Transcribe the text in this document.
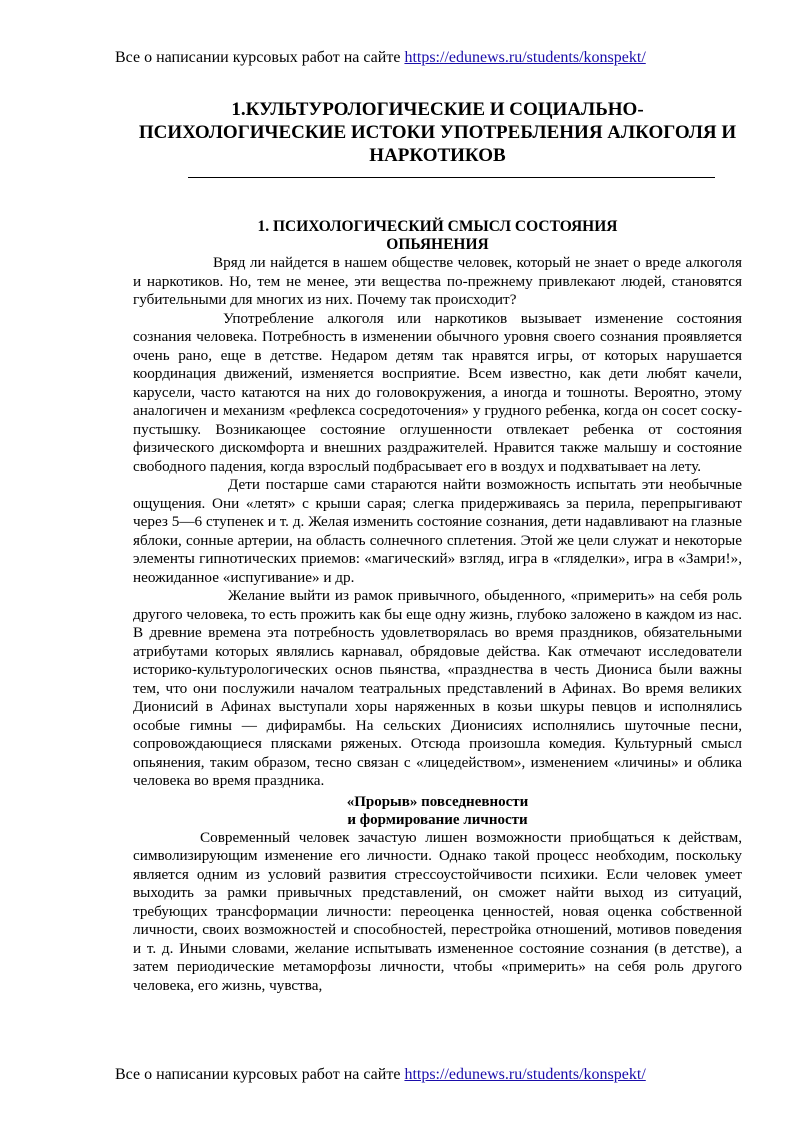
Все о написании курсовых работ на сайте https://edunews.ru/students/konspekt/
1.КУЛЬТУРОЛОГИЧЕСКИЕ И СОЦИАЛЬНО-ПСИХОЛОГИЧЕСКИЕ ИСТОКИ УПОТРЕБЛЕНИЯ АЛКОГОЛЯ И НАРКОТИКОВ
1. ПСИХОЛОГИЧЕСКИЙ СМЫСЛ СОСТОЯНИЯ
ОПЬЯНЕНИЯ

Вряд ли найдется в нашем обществе человек, который не знает о вреде алкоголя и наркотиков. Но, тем не менее, эти вещества по-прежнему привлекают людей, становятся губительными для многих из них. Почему так происходит?

Употребление алкоголя или наркотиков вызывает изменение состояния сознания человека. Потребность в изменении обычного уровня своего сознания проявляется очень рано, еще в детстве. Недаром детям так нравятся игры, от которых нарушается координация движений, изменяется восприятие. Всем известно, как дети любят качели, карусели, часто катаются на них до головокружения, а иногда и тошноты. Вероятно, этому аналогичен и механизм «рефлекса сосредоточения» у грудного ребенка, когда он сосет соску-пустышку. Возникающее состояние оглушенности отвлекает ребенка от состояния физического дискомфорта и внешних раздражителей. Нравится также малышу и состояние свободного падения, когда взрослый подбрасывает его в воздух и подхватывает на лету.

Дети постарше сами стараются найти возможность испытать эти необычные ощущения. Они «летят» с крыши сарая; слегка придерживаясь за перила, перепрыгивают через 5—6 ступенек и т. д. Желая изменить состояние сознания, дети надавливают на глазные яблоки, сонные артерии, на область солнечного сплетения. Этой же цели служат и некоторые элементы гипнотических приемов: «магический» взгляд, игра в «гляделки», игра в «Замри!», неожиданное «испугивание» и др.

Желание выйти из рамок привычного, обыденного, «примерить» на себя роль другого человека, то есть прожить как бы еще одну жизнь, глубоко заложено в каждом из нас. В древние времена эта потребность удовлетворялась во время праздников, обязательными атрибутами которых являлись карнавал, обрядовые действа. Как отмечают исследователи историко-культурологических основ пьянства, «празднества в честь Диониса были важны тем, что они послужили началом театральных представлений в Афинах. Во время великих Дионисий в Афинах выступали хоры наряженных в козьи шкуры певцов и исполнялись особые гимны — дифирамбы. На сельских Дионисиях исполнялись шуточные песни, сопровождающиеся плясками ряженых. Отсюда произошла комедия. Культурный смысл опьянения, таким образом, тесно связан с «лицедейством», изменением «личины» и облика человека во время праздника.

«Прорыв» повседневности
и формирование личности

Современный человек зачастую лишен возможности приобщаться к действам, символизирующим изменение его личности. Однако такой процесс необходим, поскольку является одним из условий развития стрессоустойчивости психики. Если человек умеет выходить за рамки привычных представлений, он сможет найти выход из ситуаций, требующих трансформации личности: переоценка ценностей, новая оценка собственной личности, своих возможностей и способностей, перестройка отношений, мотивов поведения и т. д. Иными словами, желание испытывать измененное состояние сознания (в детстве), а затем периодические метаморфозы личности, чтобы «примерить» на себя роль другого человека, его жизнь, чувства,

Все о написании курсовых работ на сайте https://edunews.ru/students/konspekt/
